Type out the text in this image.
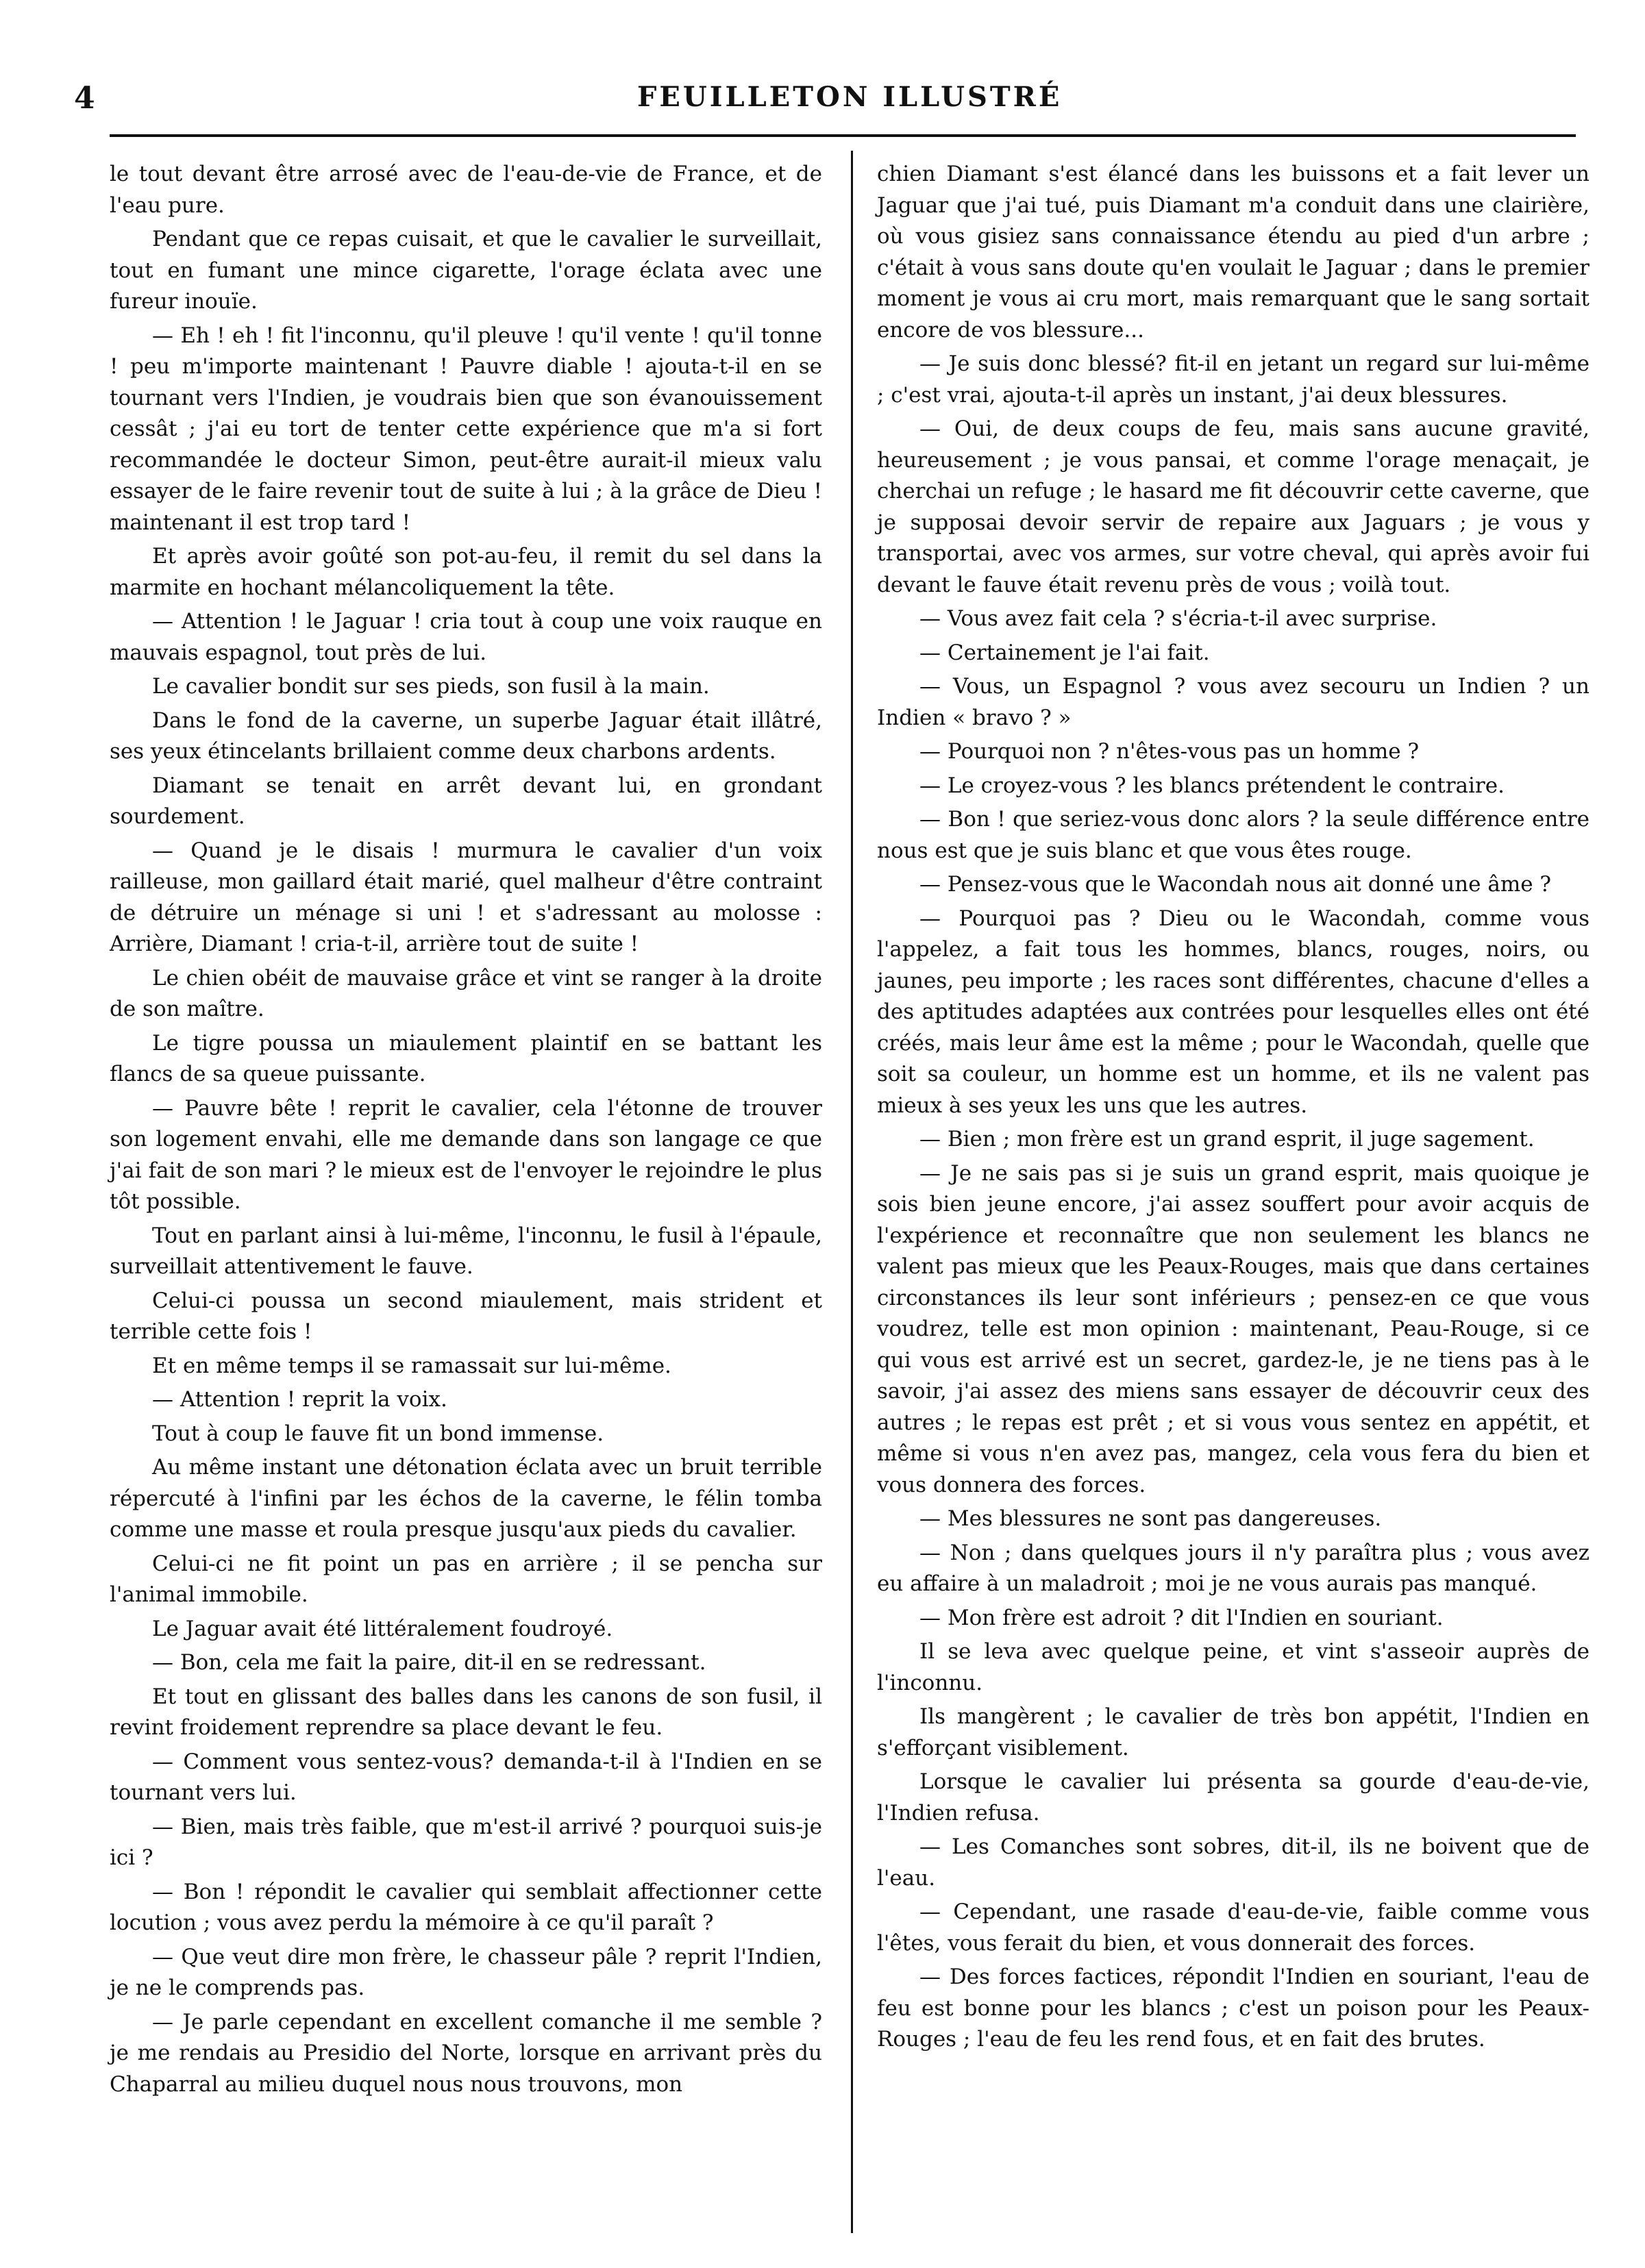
4	FEUILLETON ILLUSTRÉ

le tout devant être arrosé avec de l'eau-de-vie de France, et de l'eau pure.

Pendant que ce repas cuisait, et que le cavalier le surveillait, tout en fumant une mince cigarette, l'orage éclata avec une fureur inouïe.

— Eh ! eh ! fit l'inconnu, qu'il pleuve ! qu'il vente ! qu'il tonne ! peu m'importe maintenant ! Pauvre diable ! ajouta-t-il en se tournant vers l'Indien, je voudrais bien que son évanouissement cessât ; j'ai eu tort de tenter cette expérience que m'a si fort recommandée le docteur Simon, peut-être aurait-il mieux valu essayer de le faire revenir tout de suite à lui ; à la grâce de Dieu ! maintenant il est trop tard !

Et après avoir goûté son pot-au-feu, il remit du sel dans la marmite en hochant mélancoliquement la tête.

— Attention ! le Jaguar ! cria tout à coup une voix rauque en mauvais espagnol, tout près de lui.

Le cavalier bondit sur ses pieds, son fusil à la main.

Dans le fond de la caverne, un superbe Jaguar était illâtré, ses yeux étincelants brillaient comme deux charbons ardents.

Diamant se tenait en arrêt devant lui, en grondant sourdement.

— Quand je le disais ! murmura le cavalier d'un voix railleuse, mon gaillard était marié, quel malheur d'être contraint de détruire un ménage si uni ! et s'adressant au molosse : Arrière, Diamant ! cria-t-il, arrière tout de suite !

Le chien obéit de mauvaise grâce et vint se ranger à la droite de son maître.

Le tigre poussa un miaulement plaintif en se battant les flancs de sa queue puissante.

— Pauvre bête ! reprit le cavalier, cela l'étonne de trouver son logement envahi, elle me demande dans son langage ce que j'ai fait de son mari ? le mieux est de l'envoyer le rejoindre le plus tôt possible.

Tout en parlant ainsi à lui-même, l'inconnu, le fusil à l'épaule, surveillait attentivement le fauve.

Celui-ci poussa un second miaulement, mais strident et terrible cette fois !

Et en même temps il se ramassait sur lui-même.

— Attention ! reprit la voix.

Tout à coup le fauve fit un bond immense.

Au même instant une détonation éclata avec un bruit terrible répercuté à l'infini par les échos de la caverne, le félin tomba comme une masse et roula presque jusqu'aux pieds du cavalier.

Celui-ci ne fit point un pas en arrière ; il se pencha sur l'animal immobile.

Le Jaguar avait été littéralement foudroyé.

— Bon, cela me fait la paire, dit-il en se redressant.

Et tout en glissant des balles dans les canons de son fusil, il revint froidement reprendre sa place devant le feu.

— Comment vous sentez-vous? demanda-t-il à l'Indien en se tournant vers lui.

— Bien, mais très faible, que m'est-il arrivé ? pourquoi suis-je ici ?

— Bon ! répondit le cavalier qui semblait affectionner cette locution ; vous avez perdu la mémoire à ce qu'il paraît ?

— Que veut dire mon frère, le chasseur pâle ? reprit l'Indien, je ne le comprends pas.

— Je parle cependant en excellent comanche il me semble ? je me rendais au Presidio del Norte, lorsque en arrivant près du Chaparral au milieu duquel nous nous trouvons, mon

chien Diamant s'est élancé dans les buissons et a fait lever un Jaguar que j'ai tué, puis Diamant m'a conduit dans une clairière, où vous gisiez sans connaissance étendu au pied d'un arbre ; c'était à vous sans doute qu'en voulait le Jaguar ; dans le premier moment je vous ai cru mort, mais remarquant que le sang sortait encore de vos blessure...

— Je suis donc blessé? fit-il en jetant un regard sur lui-même ; c'est vrai, ajouta-t-il après un instant, j'ai deux blessures.

— Oui, de deux coups de feu, mais sans aucune gravité, heureusement ; je vous pansai, et comme l'orage menaçait, je cherchai un refuge ; le hasard me fit découvrir cette caverne, que je supposai devoir servir de repaire aux Jaguars ; je vous y transportai, avec vos armes, sur votre cheval, qui après avoir fui devant le fauve était revenu près de vous ; voilà tout.

— Vous avez fait cela ? s'écria-t-il avec surprise.

— Certainement je l'ai fait.

— Vous, un Espagnol ? vous avez secouru un Indien ? un Indien « bravo ? »

— Pourquoi non ? n'êtes-vous pas un homme ?

— Le croyez-vous ? les blancs prétendent le contraire.

— Bon ! que seriez-vous donc alors ? la seule différence entre nous est que je suis blanc et que vous êtes rouge.

— Pensez-vous que le Wacondah nous ait donné une âme ?

— Pourquoi pas ? Dieu ou le Wacondah, comme vous l'appelez, a fait tous les hommes, blancs, rouges, noirs, ou jaunes, peu importe ; les races sont différentes, chacune d'elles a des aptitudes adaptées aux contrées pour lesquelles elles ont été créés, mais leur âme est la même ; pour le Wacondah, quelle que soit sa couleur, un homme est un homme, et ils ne valent pas mieux à ses yeux les uns que les autres.

— Bien ; mon frère est un grand esprit, il juge sagement.

— Je ne sais pas si je suis un grand esprit, mais quoique je sois bien jeune encore, j'ai assez souffert pour avoir acquis de l'expérience et reconnaître que non seulement les blancs ne valent pas mieux que les Peaux-Rouges, mais que dans certaines circonstances ils leur sont inférieurs ; pensez-en ce que vous voudrez, telle est mon opinion : maintenant, Peau-Rouge, si ce qui vous est arrivé est un secret, gardez-le, je ne tiens pas à le savoir, j'ai assez des miens sans essayer de découvrir ceux des autres ; le repas est prêt ; et si vous vous sentez en appétit, et même si vous n'en avez pas, mangez, cela vous fera du bien et vous donnera des forces.

— Mes blessures ne sont pas dangereuses.

— Non ; dans quelques jours il n'y paraîtra plus ; vous avez eu affaire à un maladroit ; moi je ne vous aurais pas manqué.

— Mon frère est adroit ? dit l'Indien en souriant.

Il se leva avec quelque peine, et vint s'asseoir auprès de l'inconnu.

Ils mangèrent ; le cavalier de très bon appétit, l'Indien en s'efforçant visiblement.

Lorsque le cavalier lui présenta sa gourde d'eau-de-vie, l'Indien refusa.

— Les Comanches sont sobres, dit-il, ils ne boivent que de l'eau.

— Cependant, une rasade d'eau-de-vie, faible comme vous l'êtes, vous ferait du bien, et vous donnerait des forces.

— Des forces factices, répondit l'Indien en souriant, l'eau de feu est bonne pour les blancs ; c'est un poison pour les Peaux-Rouges ; l'eau de feu les rend fous, et en fait des brutes.
